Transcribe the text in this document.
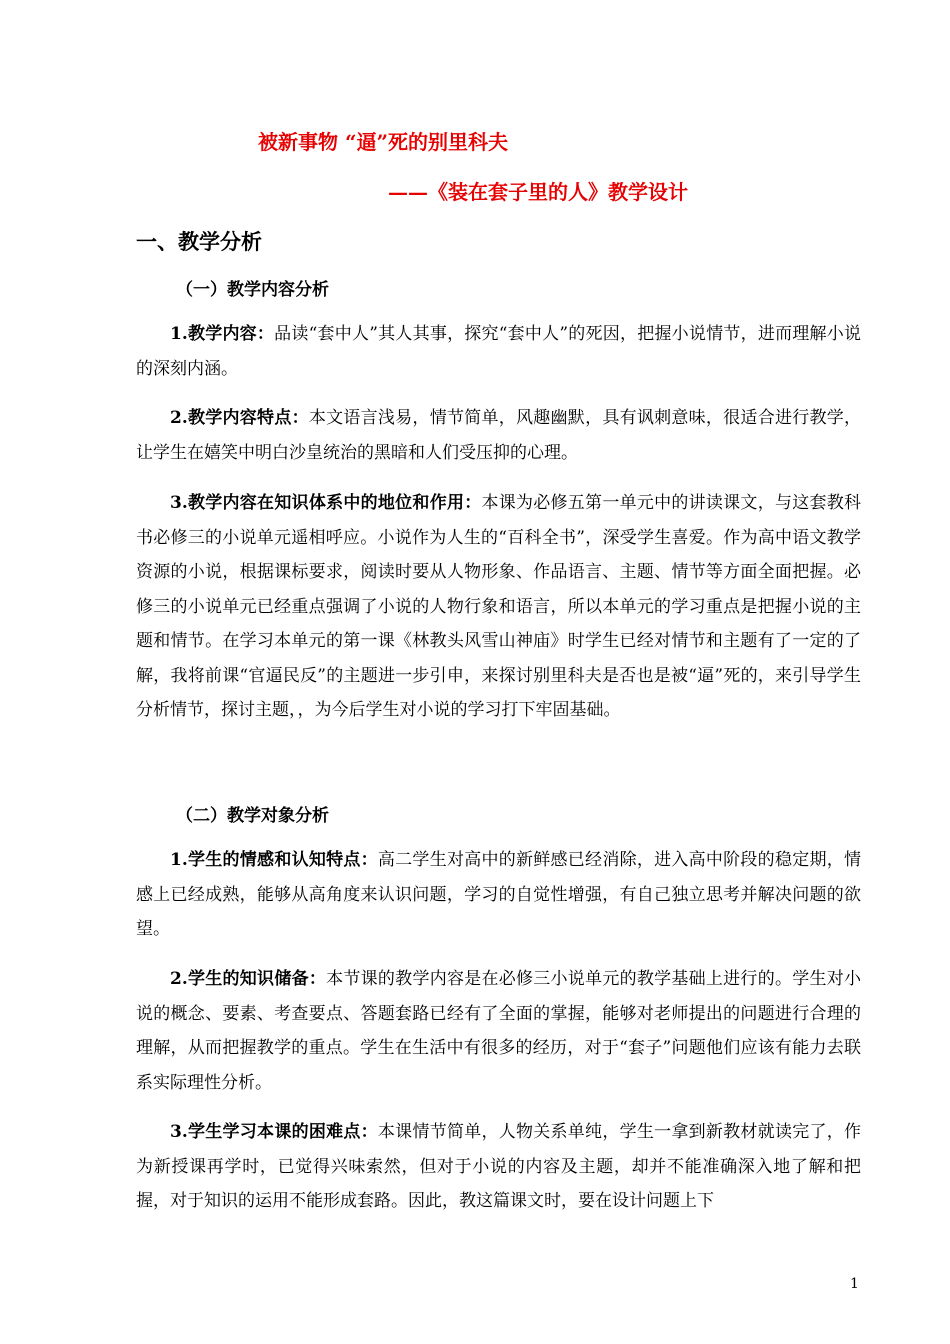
被新事物 “逼”死的别里科夫
——《装在套子里的人》教学设计
一、教学分析
（一）教学内容分析
1.教学内容：品读“套中人”其人其事，探究“套中人”的死因，把握小说情节，进而理解小说的深刻内涵。
2.教学内容特点：本文语言浅易，情节简单，风趣幽默，具有讽刺意味，很适合进行教学，让学生在嬉笑中明白沙皇统治的黑暗和人们受压抑的心理。
3.教学内容在知识体系中的地位和作用：本课为必修五第一单元中的讲读课文，与这套教科书必修三的小说单元遥相呼应。小说作为人生的“百科全书”，深受学生喜爱。作为高中语文教学资源的小说，根据课标要求，阅读时要从人物形象、作品语言、主题、情节等方面全面把握。必修三的小说单元已经重点强调了小说的人物行象和语言，所以本单元的学习重点是把握小说的主题和情节。在学习本单元的第一课《林教头风雪山神庙》时学生已经对情节和主题有了一定的了解，我将前课“官逼民反”的主题进一步引申，来探讨别里科夫是否也是被“逼”死的，来引导学生分析情节，探讨主题，，为今后学生对小说的学习打下牢固基础。
（二）教学对象分析
1.学生的情感和认知特点：高二学生对高中的新鲜感已经消除，进入高中阶段的稳定期，情感上已经成熟，能够从高角度来认识问题，学习的自觉性增强，有自己独立思考并解决问题的欲望。
2.学生的知识储备：本节课的教学内容是在必修三小说单元的教学基础上进行的。学生对小说的概念、要素、考查要点、答题套路已经有了全面的掌握，能够对老师提出的问题进行合理的理解，从而把握教学的重点。学生在生活中有很多的经历，对于“套子”问题他们应该有能力去联系实际理性分析。
3.学生学习本课的困难点：本课情节简单，人物关系单纯，学生一拿到新教材就读完了，作为新授课再学时，已觉得兴味索然，但对于小说的内容及主题，却并不能准确深入地了解和把握，对于知识的运用不能形成套路。因此，教这篇课文时，要在设计问题上下
1
